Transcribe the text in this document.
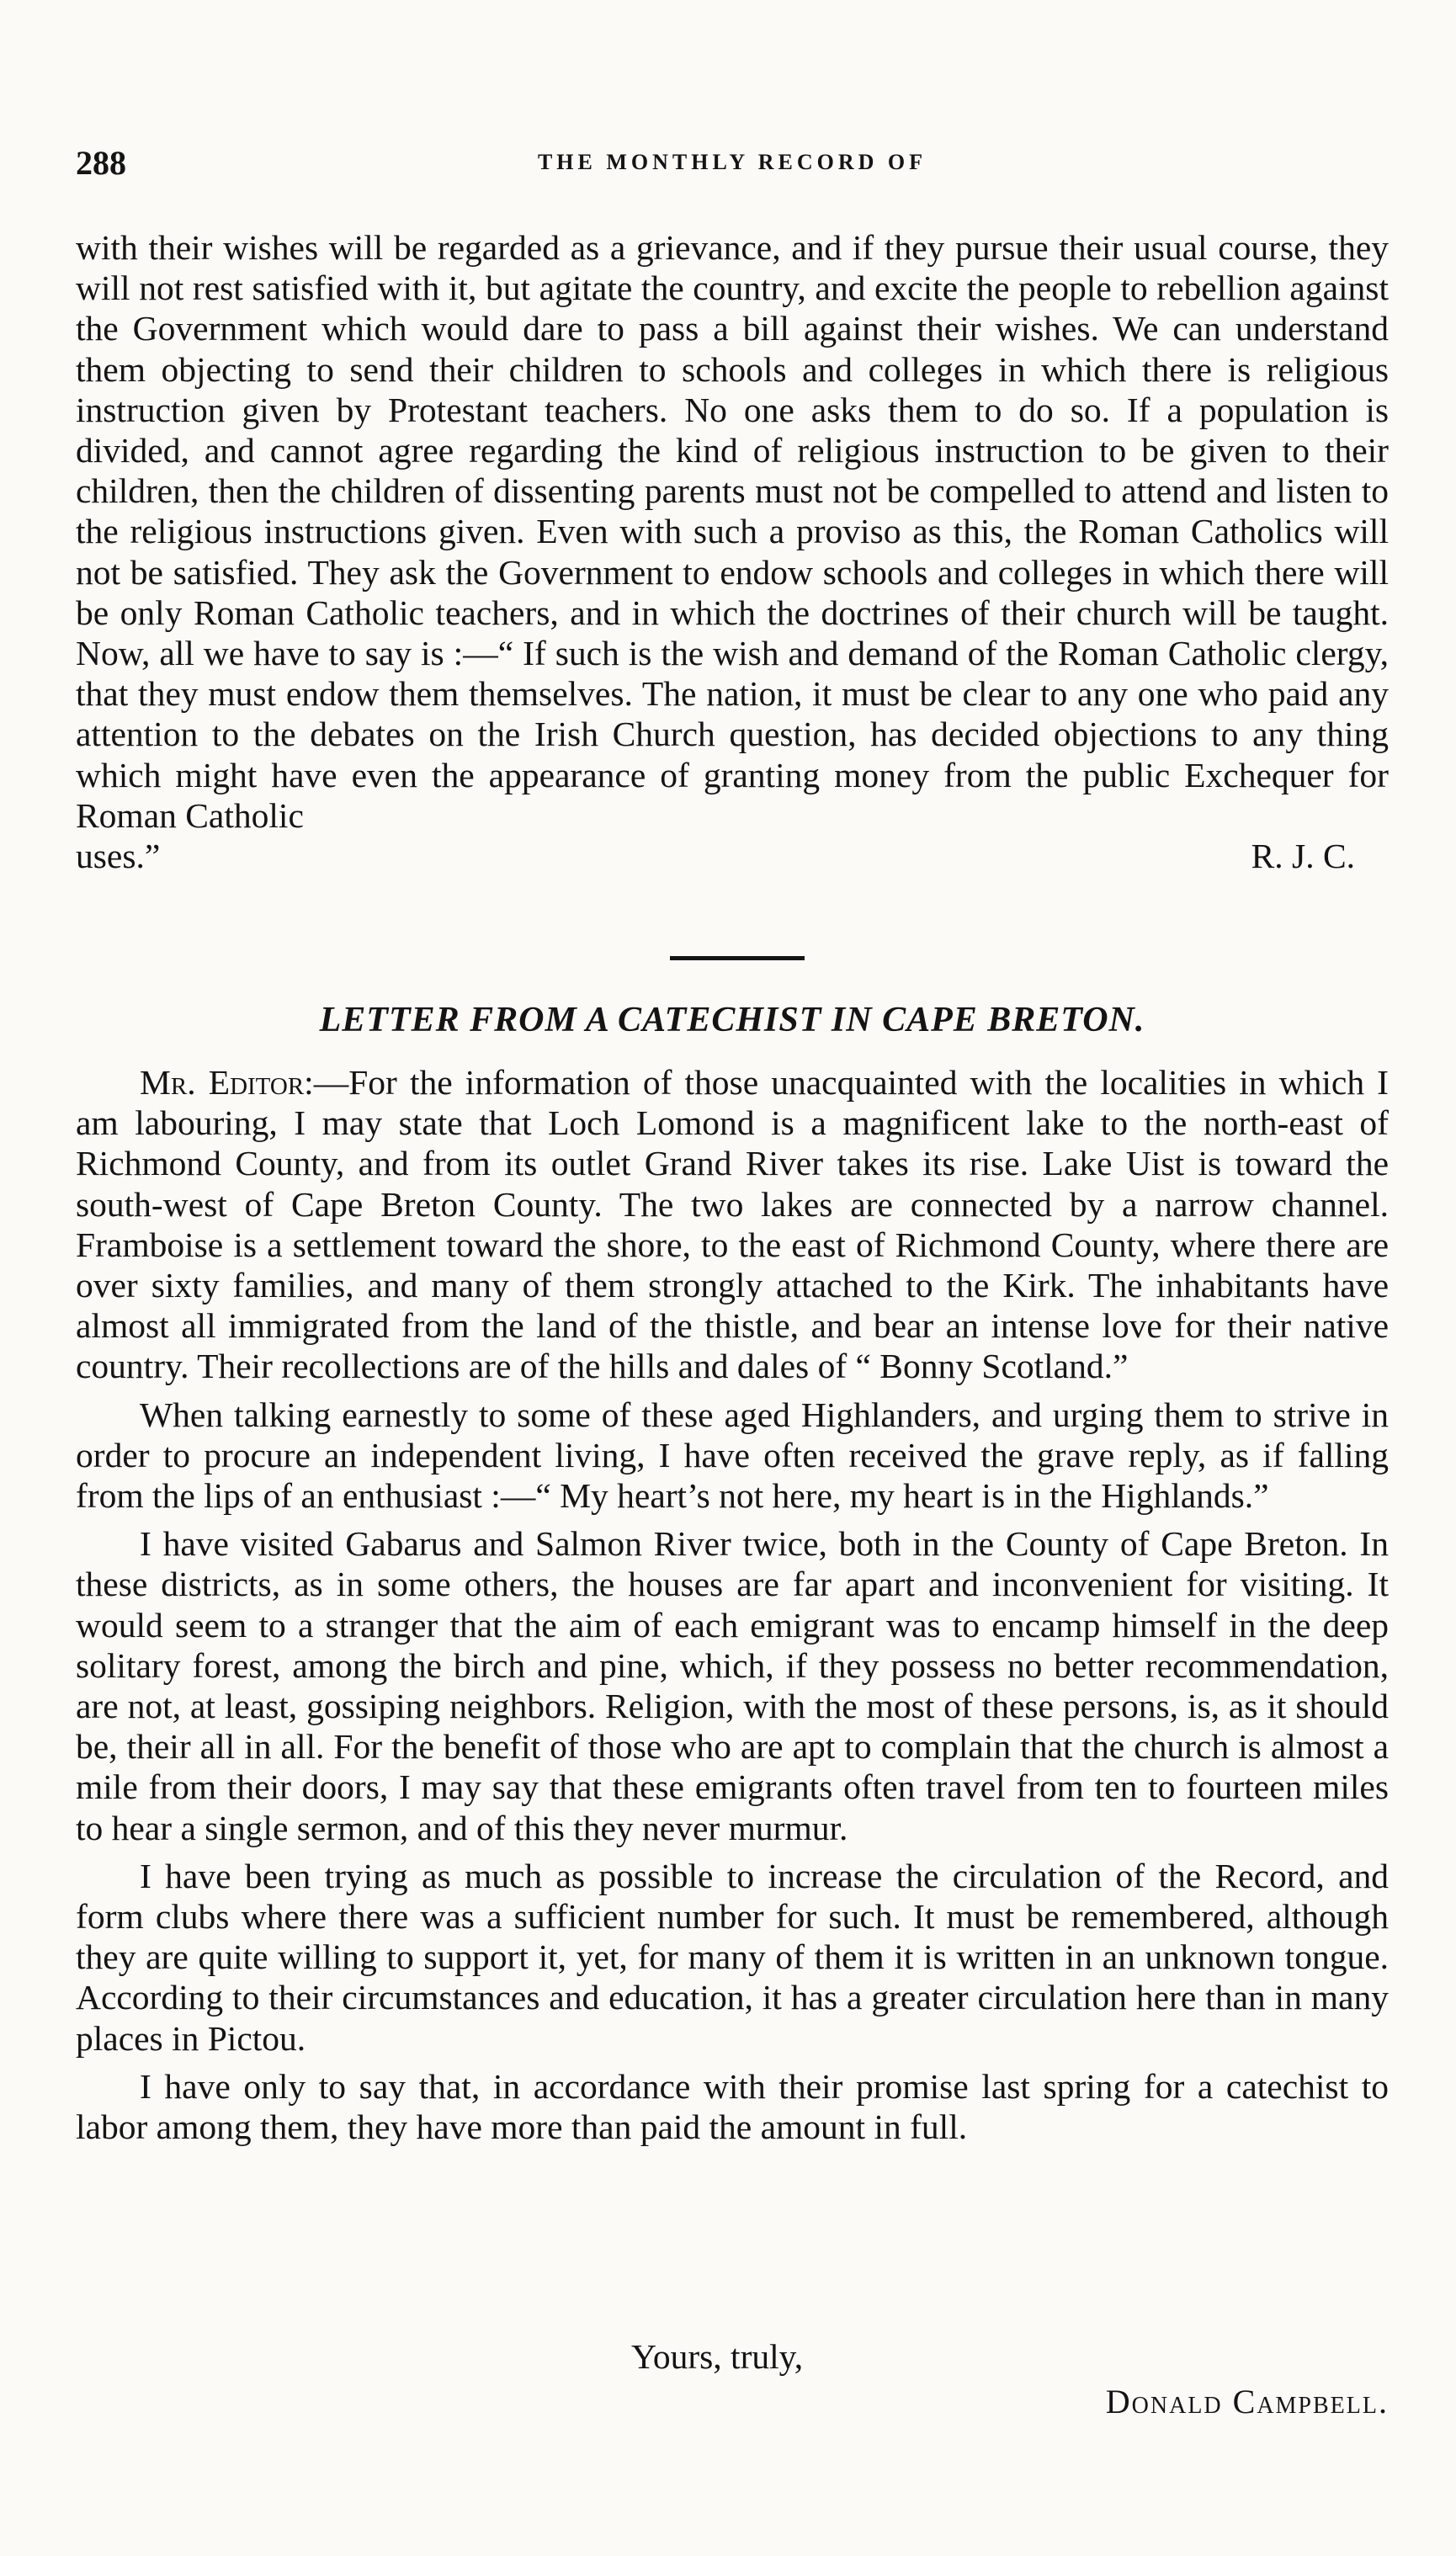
288	THE MONTHLY RECORD OF

with their wishes will be regarded as a grievance, and if they pursue their usual course, they will not rest satisfied with it, but agitate the country, and excite the people to rebellion against the Government which would dare to pass a bill against their wishes. We can understand them objecting to send their children to schools and colleges in which there is religious instruction given by Protestant teachers. No one asks them to do so. If a population is divided, and cannot agree regarding the kind of religious instruction to be given to their children, then the children of dissenting parents must not be compelled to attend and listen to the religious instructions given. Even with such a proviso as this, the Roman Catholics will not be satisfied. They ask the Government to endow schools and colleges in which there will be only Roman Catholic teachers, and in which the doctrines of their church will be taught. Now, all we have to say is :—“ If such is the wish and demand of the Roman Catholic clergy, that they must endow them themselves. The nation, it must be clear to any one who paid any attention to the debates on the Irish Church question, has decided objections to any thing which might have even the appearance of granting money from the public Exchequer for Roman Catholic

uses.”	R. J. C.
LETTER FROM A CATECHIST IN CAPE BRETON.

Mr. Editor:—For the information of those unacquainted with the localities in which I am labouring, I may state that Loch Lomond is a magnificent lake to the north-east of Richmond County, and from its outlet Grand River takes its rise. Lake Uist is toward the south-west of Cape Breton County. The two lakes are connected by a narrow channel. Framboise is a settlement toward the shore, to the east of Richmond County, where there are over sixty families, and many of them strongly attached to the Kirk. The inhabitants have almost all immigrated from the land of the thistle, and bear an intense love for their native country. Their recollections are of the hills and dales of “ Bonny Scotland.”

When talking earnestly to some of these aged Highlanders, and urging them to strive in order to procure an independent living, I have often received the grave reply, as if falling from the lips of an enthusiast :—“ My heart’s not here, my heart is in the Highlands.”

I have visited Gabarus and Salmon River twice, both in the County of Cape Breton. In these districts, as in some others, the houses are far apart and inconvenient for visiting. It would seem to a stranger that the aim of each emigrant was to encamp himself in the deep solitary forest, among the birch and pine, which, if they possess no better recommendation, are not, at least, gossiping neighbors. Religion, with the most of these persons, is, as it should be, their all in all. For the benefit of those who are apt to complain that the church is almost a mile from their doors, I may say that these emigrants often travel from ten to fourteen miles to hear a single sermon, and of this they never murmur.

I have been trying as much as possible to increase the circulation of the Record, and form clubs where there was a sufficient number for such. It must be remembered, although they are quite willing to support it, yet, for many of them it is written in an unknown tongue. According to their circumstances and education, it has a greater circulation here than in many places in Pictou.

I have only to say that, in accordance with their promise last spring for a catechist to labor among them, they have more than paid the amount in full.

Yours, truly,
Donald Campbell.
